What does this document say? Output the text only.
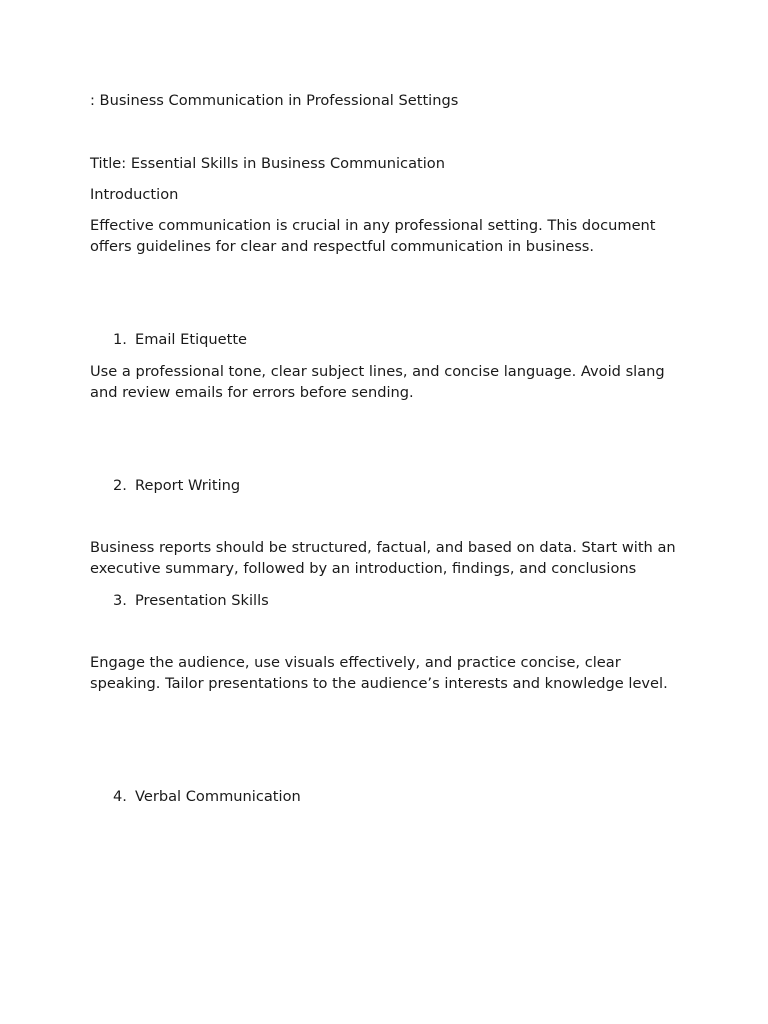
: Business Communication in Professional Settings

Title: Essential Skills in Business Communication

Introduction

Effective communication is crucial in any professional setting. This document offers guidelines for clear and respectful communication in business.

1. Email Etiquette

Use a professional tone, clear subject lines, and concise language. Avoid slang and review emails for errors before sending.

2. Report Writing

Business reports should be structured, factual, and based on data. Start with an executive summary, followed by an introduction, findings, and conclusions

3. Presentation Skills

Engage the audience, use visuals effectively, and practice concise, clear speaking. Tailor presentations to the audience’s interests and knowledge level.

4. Verbal Communication
